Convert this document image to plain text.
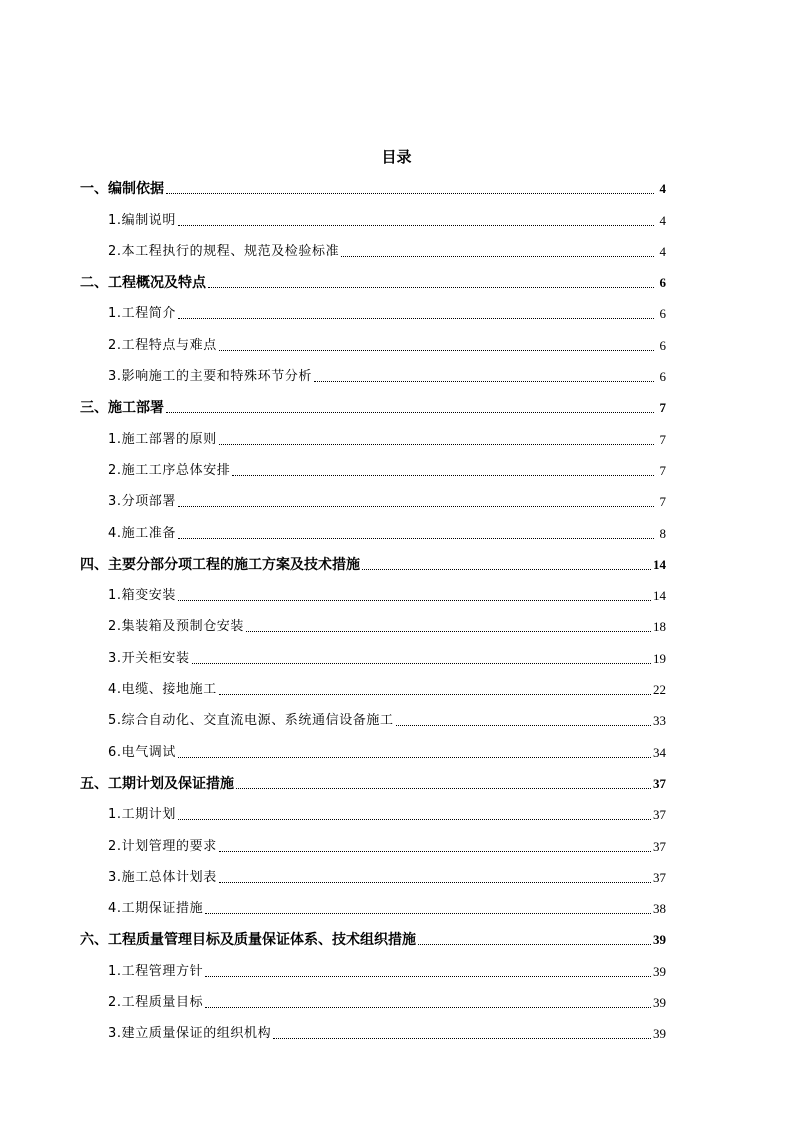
目录
一、编制依据	4
1.编制说明	4
2.本工程执行的规程、规范及检验标准	4
二、工程概况及特点	6
1.工程简介	6
2.工程特点与难点	6
3.影响施工的主要和特殊环节分析	6
三、施工部署	7
1.施工部署的原则	7
2.施工工序总体安排	7
3.分项部署	7
4.施工准备	8
四、主要分部分项工程的施工方案及技术措施	14
1.箱变安装	14
2.集装箱及预制仓安装	18
3.开关柜安装	19
4.电缆、接地施工	22
5.综合自动化、交直流电源、系统通信设备施工	33
6.电气调试	34
五、工期计划及保证措施	37
1.工期计划	37
2.计划管理的要求	37
3.施工总体计划表	37
4.工期保证措施	38
六、工程质量管理目标及质量保证体系、技术组织措施	39
1.工程管理方针	39
2.工程质量目标	39
3.建立质量保证的组织机构	39
